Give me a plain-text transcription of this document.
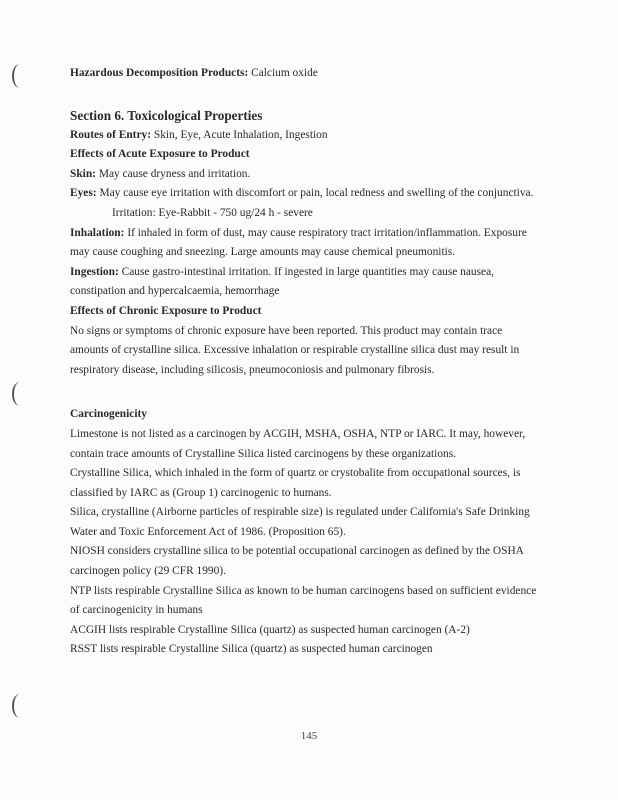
Hazardous Decomposition Products: Calcium oxide
Section 6. Toxicological Properties
Routes of Entry: Skin, Eye, Acute Inhalation, Ingestion
Effects of Acute Exposure to Product
Skin: May cause dryness and irritation.
Eyes: May cause eye irritation with discomfort or pain, local redness and swelling of the conjunctiva.
Irritation: Eye-Rabbit - 750 ug/24 h - severe
Inhalation: If inhaled in form of dust, may cause respiratory tract irritation/inflammation. Exposure
may cause coughing and sneezing. Large amounts may cause chemical pneumonitis.
Ingestion: Cause gastro-intestinal irritation. If ingested in large quantities may cause nausea,
constipation and hypercalcaemia, hemorrhage
Effects of Chronic Exposure to Product
No signs or symptoms of chronic exposure have been reported. This product may contain trace
amounts of crystalline silica. Excessive inhalation or respirable crystalline silica dust may result in
respiratory disease, including silicosis, pneumoconiosis and pulmonary fibrosis.
Carcinogenicity
Limestone is not listed as a carcinogen by ACGIH, MSHA, OSHA, NTP or IARC. It may, however,
contain trace amounts of Crystalline Silica listed carcinogens by these organizations.
Crystalline Silica, which inhaled in the form of quartz or crystobalite from occupational sources, is
classified by IARC as (Group 1) carcinogenic to humans.
Silica, crystalline (Airborne particles of respirable size) is regulated under California's Safe Drinking
Water and Toxic Enforcement Act of 1986. (Proposition 65).
NIOSH considers crystalline silica to be potential occupational carcinogen as defined by the OSHA
carcinogen policy (29 CFR 1990).
NTP lists respirable Crystalline Silica as known to be human carcinogens based on sufficient evidence
of carcinogenicity in humans
ACGIH lists respirable Crystalline Silica (quartz) as suspected human carcinogen (A-2)
RSST lists respirable Crystalline Silica (quartz) as suspected human carcinogen
145
